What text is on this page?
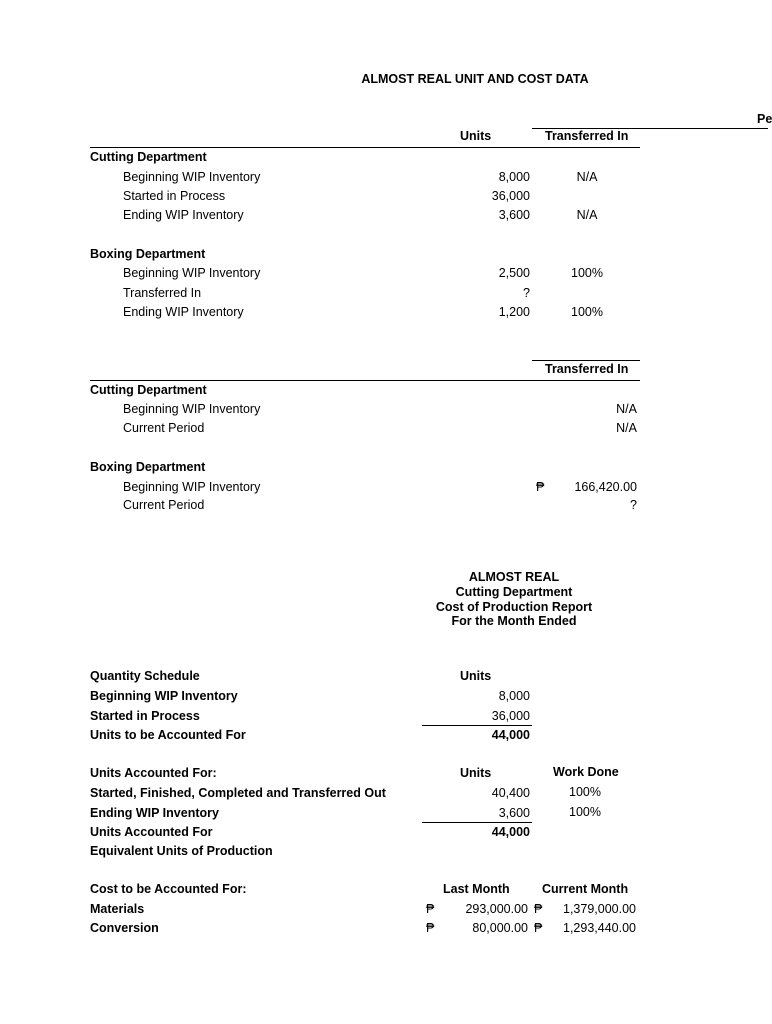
ALMOST REAL UNIT AND COST DATA
Pe
Units	Transferred In
Cutting Department
Beginning WIP Inventory	8,000	N/A
Started in Process	36,000
Ending WIP Inventory	3,600	N/A
Boxing Department
Beginning WIP Inventory	2,500	100%
Transferred In	?
Ending WIP Inventory	1,200	100%
Transferred In
Cutting Department
Beginning WIP Inventory	N/A
Current Period	N/A
Boxing Department
Beginning WIP Inventory	₱	166,420.00
Current Period	?
ALMOST REAL
Cutting Department
Cost of Production Report
For the Month Ended
Quantity Schedule	Units
Beginning WIP Inventory	8,000
Started in Process	36,000
Units to be Accounted For	44,000
Units Accounted For:	Units	Work Done
Started, Finished, Completed and Transferred Out	40,400	100%
Ending WIP Inventory	3,600	100%
Units Accounted For	44,000
Equivalent Units of Production
Cost to be Accounted For:	Last Month	Current Month
Materials	₱	293,000.00 ₱	1,379,000.00
Conversion	₱	80,000.00 ₱	1,293,440.00
